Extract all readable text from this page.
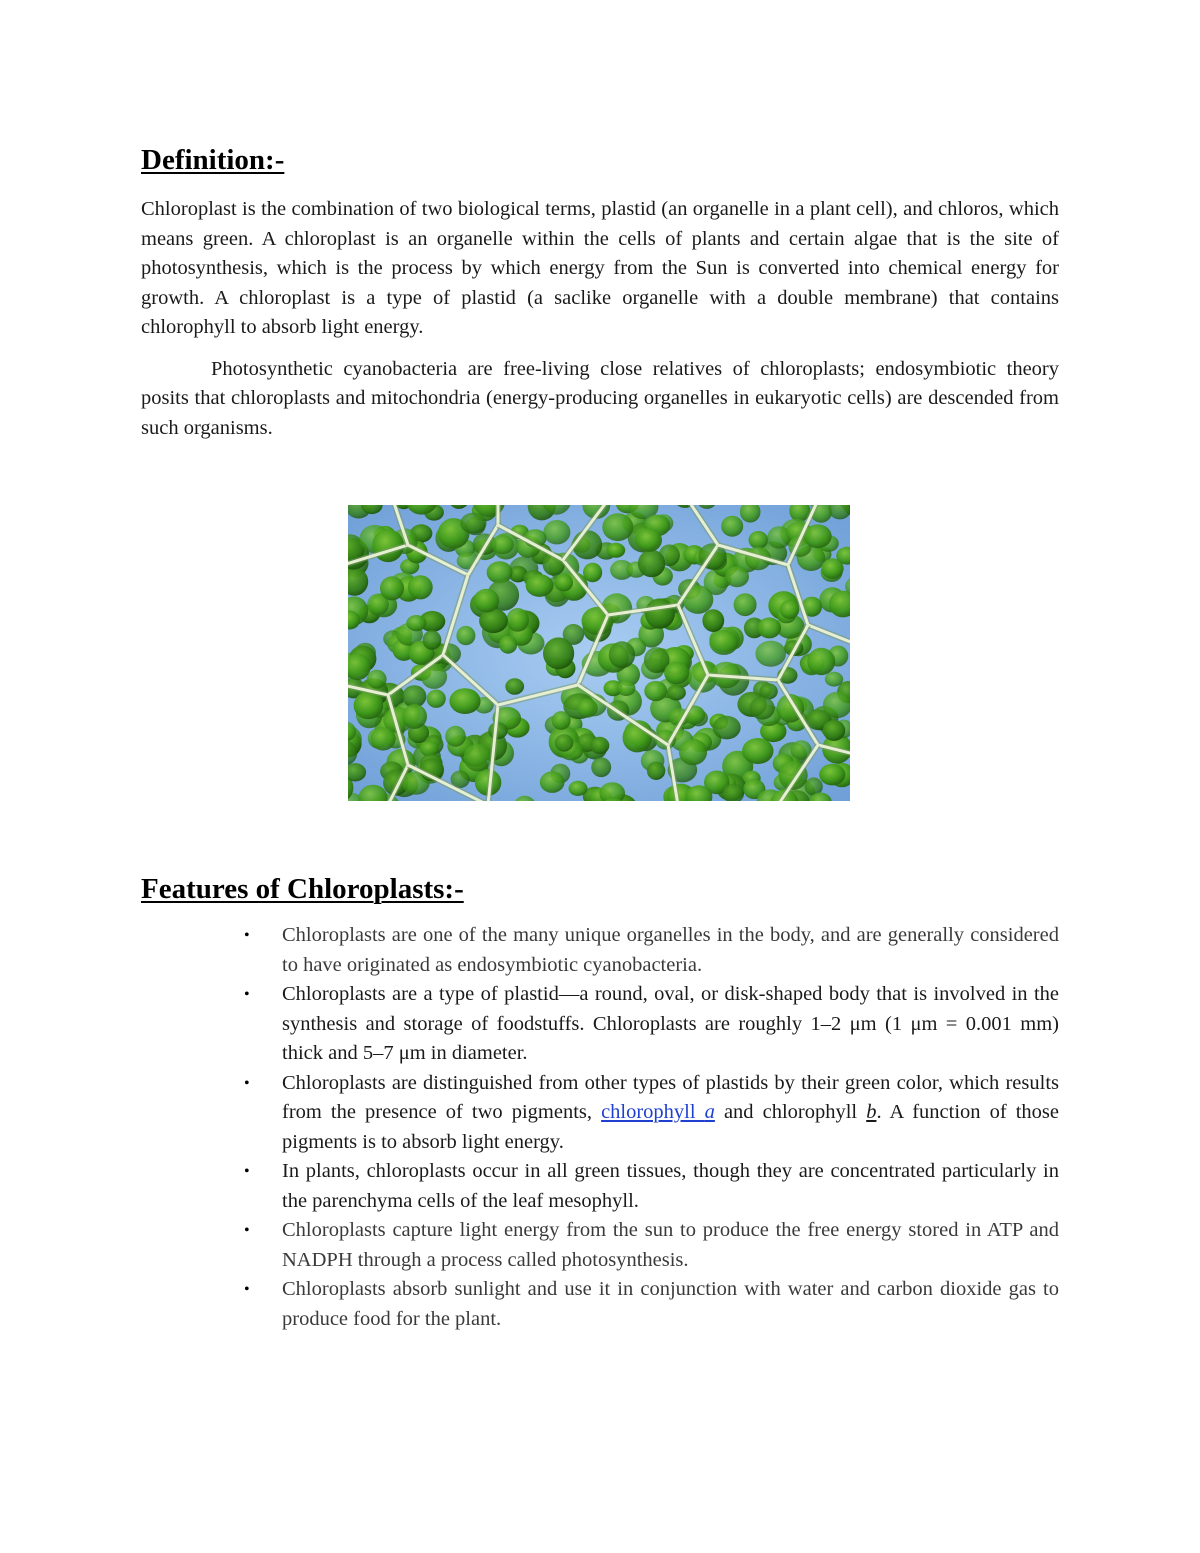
Definition:-

Chloroplast is the combination of two biological terms, plastid (an organelle in a plant cell), and chloros, which means green. A chloroplast is an organelle within the cells of plants and certain algae that is the site of photosynthesis, which is the process by which energy from the Sun is converted into chemical energy for growth. A chloroplast is a type of plastid (a saclike organelle with a double membrane) that contains chlorophyll to absorb light energy.

Photosynthetic cyanobacteria are free-living close relatives of chloroplasts; endosymbiotic theory posits that chloroplasts and mitochondria (energy-producing organelles in eukaryotic cells) are descended from such organisms.

Features of Chloroplasts:-
• Chloroplasts are one of the many unique organelles in the body, and are generally considered to have originated as endosymbiotic cyanobacteria.
• Chloroplasts are a type of plastid—a round, oval, or disk-shaped body that is involved in the synthesis and storage of foodstuffs. Chloroplasts are roughly 1–2 μm (1 μm = 0.001 mm) thick and 5–7 μm in diameter.
• Chloroplasts are distinguished from other types of plastids by their green color, which results from the presence of two pigments, chlorophyll a and chlorophyll b. A function of those pigments is to absorb light energy.
• In plants, chloroplasts occur in all green tissues, though they are concentrated particularly in the parenchyma cells of the leaf mesophyll.
• Chloroplasts capture light energy from the sun to produce the free energy stored in ATP and NADPH through a process called photosynthesis.
• Chloroplasts absorb sunlight and use it in conjunction with water and carbon dioxide gas to produce food for the plant.
